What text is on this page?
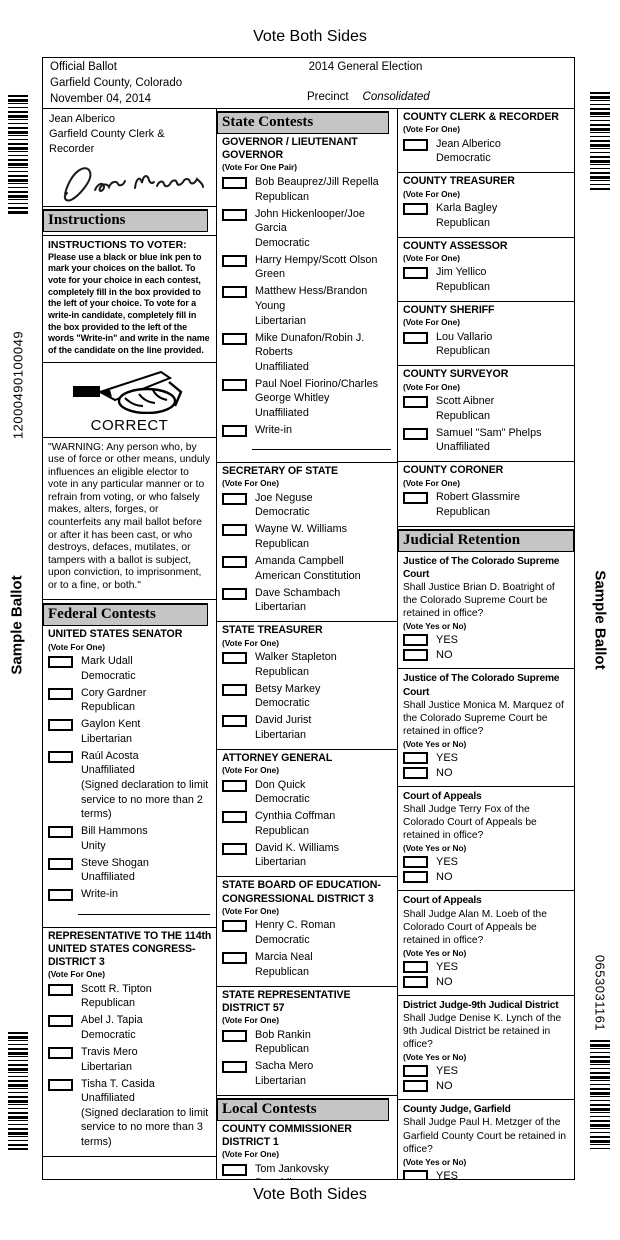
Vote Both Sides
12000490100049
Sample Ballot	Sample Ballot
0653031161
Official Ballot
Garfield County, Colorado
November 04, 2014
2014 General Election
Precinct Consolidated
Jean Alberico
Garfield County Clerk & Recorder
Instructions
INSTRUCTIONS TO VOTER:
Please use a black or blue ink pen to mark your choices on the ballot. To vote for your choice in each contest, completely fill in the box provided to the left of your choice. To vote for a write-in candidate, completely fill in the box provided to the left of the words "Write-in" and write in the name of the candidate on the line provided.
CORRECT
"WARNING: Any person who, by use of force or other means, unduly influences an eligible elector to vote in any particular manner or to refrain from voting, or who falsely makes, alters, forges, or counterfeits any mail ballot before or after it has been cast, or who destroys, defaces, mutilates, or tampers with a ballot is subject, upon conviction, to imprisonment, or to a fine, or both."
Federal Contests
UNITED STATES SENATOR
(Vote For One)
Mark Udall
Democratic
Cory Gardner
Republican
Gaylon Kent
Libertarian
Raúl Acosta
Unaffiliated
(Signed declaration to limit service to no more than 2 terms)
Bill Hammons
Unity
Steve Shogan
Unaffiliated
Write-in
REPRESENTATIVE TO THE 114th UNITED STATES CONGRESS-DISTRICT 3
(Vote For One)
Scott R. Tipton
Republican
Abel J. Tapia
Democratic
Travis Mero
Libertarian
Tisha T. Casida
Unaffiliated
(Signed declaration to limit service to no more than 3 terms)
State Contests
GOVERNOR / LIEUTENANT GOVERNOR
(Vote For One Pair)
Bob Beauprez/Jill Repella
Republican
John Hickenlooper/Joe Garcia
Democratic
Harry Hempy/Scott Olson
Green
Matthew Hess/Brandon Young
Libertarian
Mike Dunafon/Robin J. Roberts
Unaffiliated
Paul Noel Fiorino/Charles George Whitley
Unaffiliated
Write-in
SECRETARY OF STATE
(Vote For One)
Joe Neguse
Democratic
Wayne W. Williams
Republican
Amanda Campbell
American Constitution
Dave Schambach
Libertarian
STATE TREASURER
(Vote For One)
Walker Stapleton
Republican
Betsy Markey
Democratic
David Jurist
Libertarian
ATTORNEY GENERAL
(Vote For One)
Don Quick
Democratic
Cynthia Coffman
Republican
David K. Williams
Libertarian
STATE BOARD OF EDUCATION-CONGRESSIONAL DISTRICT 3
(Vote For One)
Henry C. Roman
Democratic
Marcia Neal
Republican
STATE REPRESENTATIVE DISTRICT 57
(Vote For One)
Bob Rankin
Republican
Sacha Mero
Libertarian
Local Contests
COUNTY COMMISSIONER DISTRICT 1
(Vote For One)
Tom Jankovsky
COUNTY CLERK & RECORDER
(Vote For One)
Jean Alberico
Democratic
COUNTY TREASURER
(Vote For One)
Karla Bagley
Republican
COUNTY ASSESSOR
(Vote For One)
Jim Yellico
Republican
COUNTY SHERIFF
(Vote For One)
Lou Vallario
Republican
COUNTY SURVEYOR
(Vote For One)
Scott Aibner
Republican
Samuel "Sam" Phelps
Unaffiliated
COUNTY CORONER
(Vote For One)
Robert Glassmire
Republican
Judicial Retention
Justice of The Colorado Supreme Court
Shall Justice Brian D. Boatright of the Colorado Supreme Court be retained in office?
(Vote Yes or No)
YES
NO
Justice of The Colorado Supreme Court
Shall Justice Monica M. Marquez of the Colorado Supreme Court be retained in office?
(Vote Yes or No)
YES
NO
Court of Appeals
Shall Judge Terry Fox of the Colorado Court of Appeals be retained in office?
(Vote Yes or No)
YES
NO
Court of Appeals
Shall Judge Alan M. Loeb of the Colorado Court of Appeals be retained in office?
(Vote Yes or No)
YES
NO
District Judge-9th Judical District
Shall Judge Denise K. Lynch of the 9th Judical District be retained in office?
(Vote Yes or No)
YES
NO
County Judge, Garfield
Shall Judge Paul H. Metzger of the Garfield County Court be retained in office?
(Vote Yes or No)
YES
Vote Both Sides
